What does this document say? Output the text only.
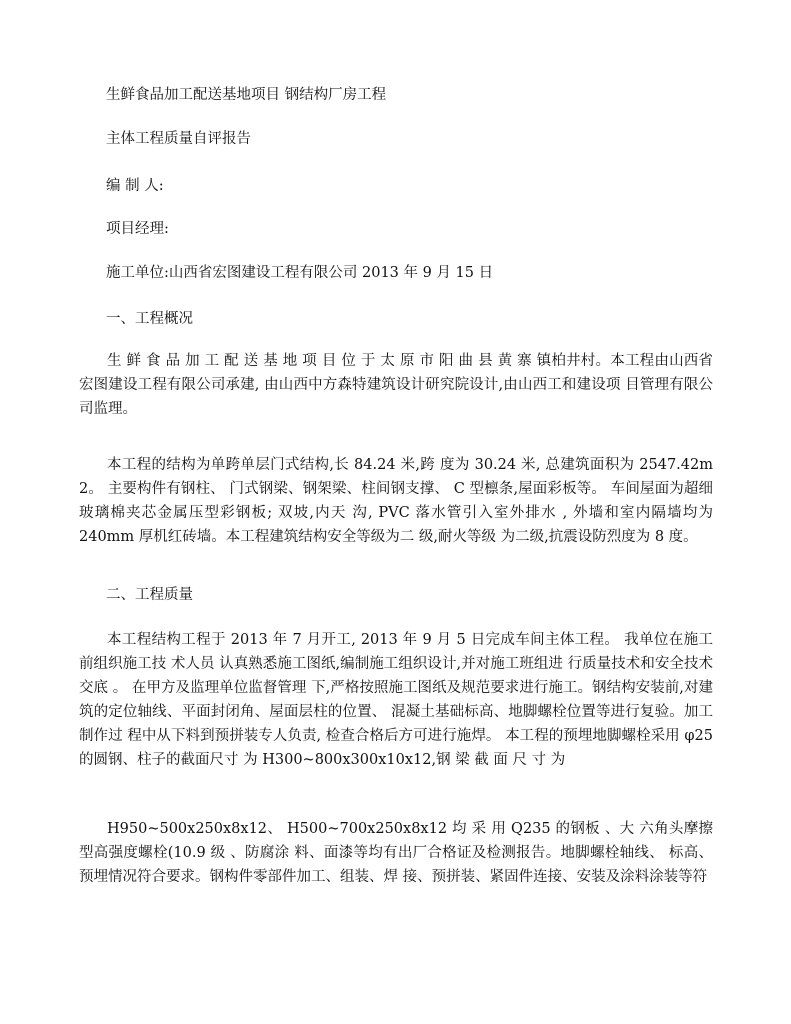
生鲜食品加工配送基地项目 钢结构厂房工程

主体工程质量自评报告

编 制 人:

项目经理:

施工单位:山西省宏图建设工程有限公司 2013 年 9 月 15 日

一、工程概况

生 鲜 食 品 加 工 配 送 基 地 项 目 位 于 太 原 市 阳 曲 县 黄 寨 镇柏井村。本工程由山西省宏图建设工程有限公司承建, 由山西中方森特建筑设计研究院设计,由山西工和建设项 目管理有限公司监理。

本工程的结构为单跨单层门式结构,长 84.24 米,跨 度为 30.24 米, 总建筑面积为 2547.42m 2。 主要构件有钢柱、 门式钢梁、钢架梁、柱间钢支撑、 C 型檩条,屋面彩板等。 车间屋面为超细玻璃棉夹芯金属压型彩钢板; 双坡,内天 沟, PVC 落水管引入室外排水 , 外墙和室内隔墙均为 240mm 厚机红砖墙。本工程建筑结构安全等级为二 级,耐火等级 为二级,抗震设防烈度为 8 度。

二、工程质量

本工程结构工程于 2013 年 7 月开工, 2013 年 9 月 5 日完成车间主体工程。 我单位在施工前组织施工技 术人员 认真熟悉施工图纸,编制施工组织设计,并对施工班组进 行质量技术和安全技术交底 。 在甲方及监理单位监督管理 下,严格按照施工图纸及规范要求进行施工。钢结构安装前,对建筑的定位轴线、平面封闭角、屋面层柱的位置、 混凝土基础标高、地脚螺栓位置等进行复验。加工制作过 程中从下料到预拼装专人负责, 检查合格后方可进行施焊。 本工程的预埋地脚螺栓采用 φ25 的圆钢、柱子的截面尺寸 为 H300~800x300x10x12,钢 梁 截 面 尺 寸 为

H950~500x250x8x12、 H500~700x250x8x12 均 采 用 Q235 的钢板 、大 六角头摩擦型高强度螺栓(10.9 级 、防腐涂 料、面漆等均有出厂合格证及检测报告。地脚螺栓轴线、 标高、预埋情况符合要求。钢构件零部件加工、组装、焊 接、预拼装、紧固件连接、安装及涂料涂装等符
